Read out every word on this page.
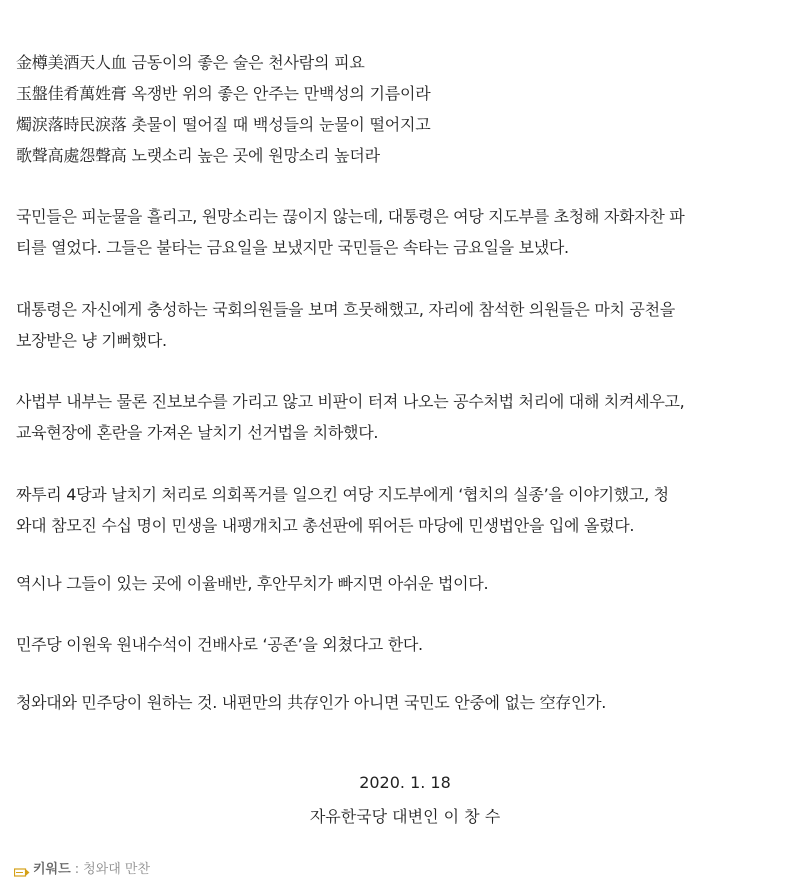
金樽美酒天人血 금동이의 좋은 술은 천사람의 피요
玉盤佳肴萬姓膏 옥쟁반 위의 좋은 안주는 만백성의 기름이라
燭淚落時民淚落 촛물이 떨어질 때 백성들의 눈물이 떨어지고
歌聲高處怨聲高 노랫소리 높은 곳에 원망소리 높더라
국민들은 피눈물을 흘리고, 원망소리는 끊이지 않는데, 대통령은 여당 지도부를 초청해 자화자찬 파
티를 열었다. 그들은 불타는 금요일을 보냈지만 국민들은 속타는 금요일을 보냈다.
대통령은 자신에게 충성하는 국회의원들을 보며 흐뭇해했고, 자리에 참석한 의원들은 마치 공천을
보장받은 냥 기뻐했다.
사법부 내부는 물론 진보보수를 가리고 않고 비판이 터져 나오는 공수처법 처리에 대해 치켜세우고,
교육현장에 혼란을 가져온 날치기 선거법을 치하했다.
짜투리 4당과 날치기 처리로 의회폭거를 일으킨 여당 지도부에게 ‘협치의 실종’을 이야기했고, 청
와대 참모진 수십 명이 민생을 내팽개치고 총선판에 뛰어든 마당에 민생법안을 입에 올렸다.
역시나 그들이 있는 곳에 이율배반, 후안무치가 빠지면 아쉬운 법이다.
민주당 이원욱 원내수석이 건배사로 ‘공존’을 외쳤다고 한다.
청와대와 민주당이 원하는 것. 내편만의 共存인가 아니면 국민도 안중에 없는 空存인가.
2020. 1. 18
자유한국당 대변인 이 창 수
키워드 : 청와대 만찬
